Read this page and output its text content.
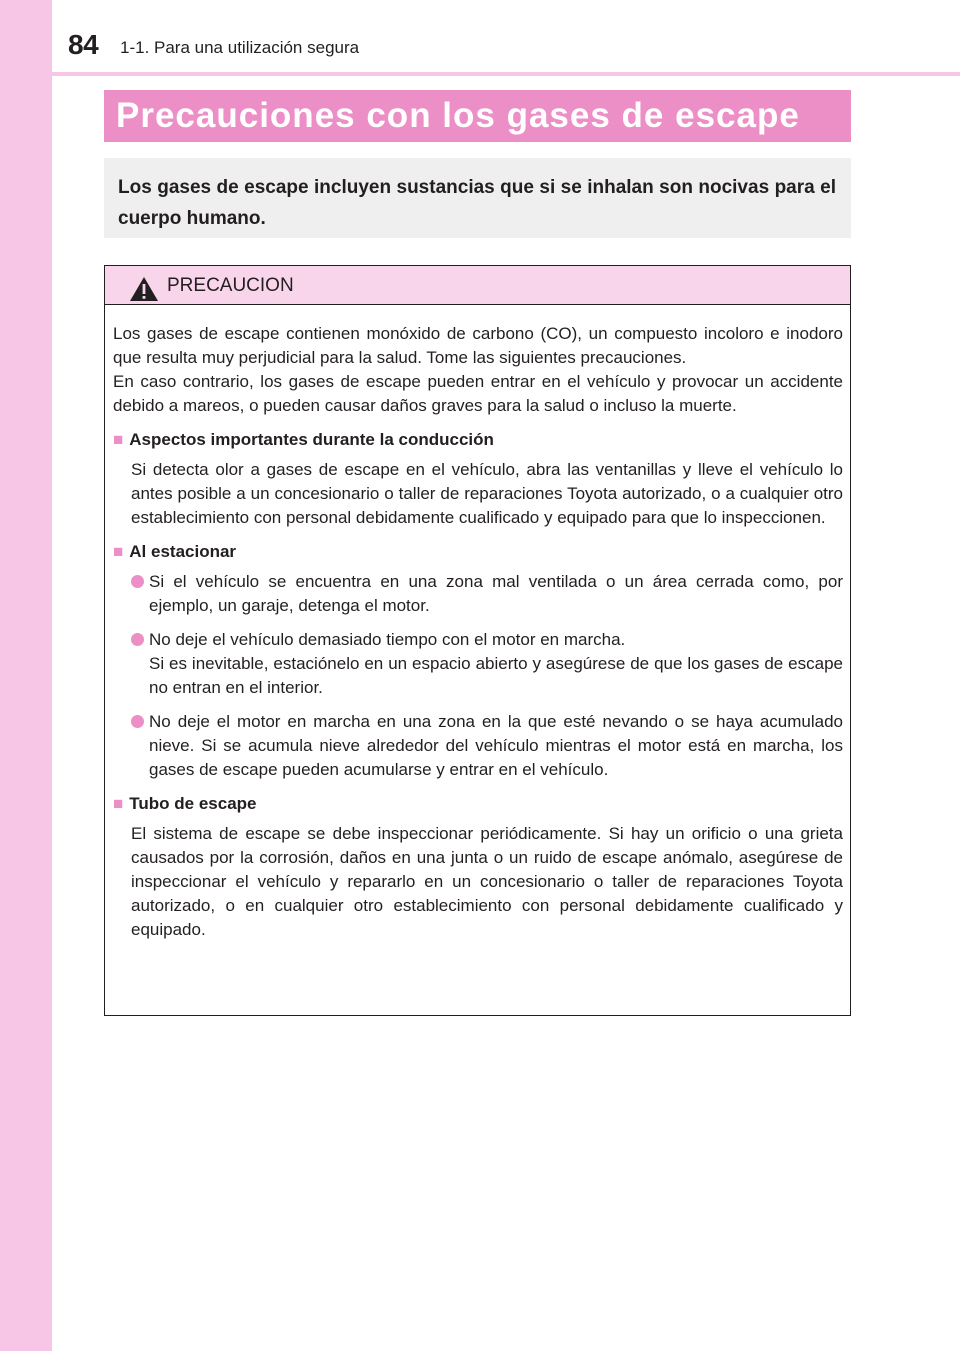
84 1-1. Para una utilización segura
Precauciones con los gases de escape
Los gases de escape incluyen sustancias que si se inhalan son nocivas para el cuerpo humano.
PRECAUCION

Los gases de escape contienen monóxido de carbono (CO), un compuesto incoloro e inodoro que resulta muy perjudicial para la salud. Tome las siguientes precauciones.

En caso contrario, los gases de escape pueden entrar en el vehículo y provocar un accidente debido a mareos, o pueden causar daños graves para la salud o incluso la muerte.

■ Aspectos importantes durante la conducción

Si detecta olor a gases de escape en el vehículo, abra las ventanillas y lleve el vehículo lo antes posible a un concesionario o taller de reparaciones Toyota autorizado, o a cualquier otro establecimiento con personal debidamente cualificado y equipado para que lo inspeccionen.

■ Al estacionar

Si el vehículo se encuentra en una zona mal ventilada o un área cerrada como, por ejemplo, un garaje, detenga el motor.

No deje el vehículo demasiado tiempo con el motor en marcha.

Si es inevitable, estaciónelo en un espacio abierto y asegúrese de que los gases de escape no entran en el interior.

No deje el motor en marcha en una zona en la que esté nevando o se haya acumulado nieve. Si se acumula nieve alrededor del vehículo mientras el motor está en marcha, los gases de escape pueden acumularse y entrar en el vehículo.

■ Tubo de escape

El sistema de escape se debe inspeccionar periódicamente. Si hay un orificio o una grieta causados por la corrosión, daños en una junta o un ruido de escape anómalo, asegúrese de inspeccionar el vehículo y repararlo en un concesionario o taller de reparaciones Toyota autorizado, o en cualquier otro establecimiento con personal debidamente cualificado y equipado.
